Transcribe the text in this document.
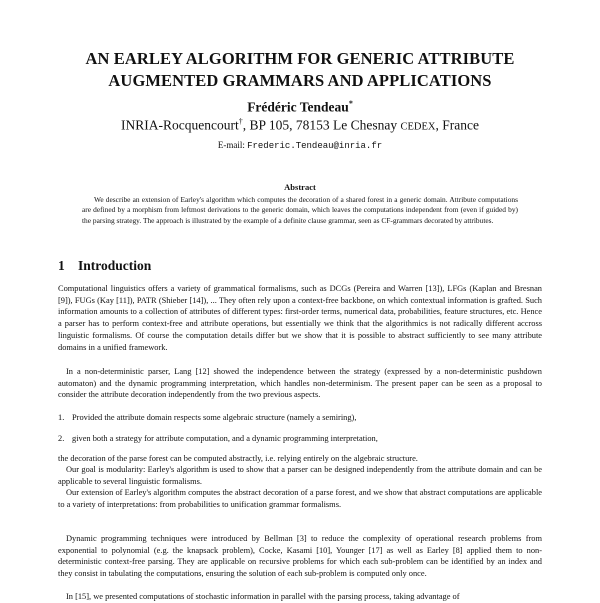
AN EARLEY ALGORITHM FOR GENERIC ATTRIBUTE
AUGMENTED GRAMMARS AND APPLICATIONS
Frédéric Tendeau*
INRIA-Rocquencourt†, BP 105, 78153 Le Chesnay CEDEX, France
E-mail: Frederic.Tendeau@inria.fr
Abstract

We describe an extension of Earley's algorithm which computes the decoration of a shared forest in a generic domain. Attribute computations are defined by a morphism from leftmost derivations to the generic domain, which leaves the computations independent from (even if guided by) the parsing strategy. The approach is illustrated by the example of a definite clause grammar, seen as CF-grammars decorated by attributes.

1 Introduction

Computational linguistics offers a variety of grammatical formalisms, such as DCGs (Pereira and Warren [13]), LFGs (Kaplan and Bresnan [9]), FUGs (Kay [11]), PATR (Shieber [14]), ... They often rely upon a context-free backbone, on which contextual information is grafted. Such information amounts to a collection of attributes of different types: first-order terms, numerical data, probabilities, feature structures, etc. Hence a parser has to perform context-free and attribute operations, but essentially we think that the algorithmics is not radically different accross linguistic formalisms. Of course the computation details differ but we show that it is possible to abstract sufficiently to see many attribute domains in a unified framework.

In a non-deterministic parser, Lang [12] showed the independence between the strategy (expressed by a non-deterministic pushdown automaton) and the dynamic programming interpretation, which handles non-determinism. The present paper can be seen as a proposal to consider the attribute decoration independently from the two previous aspects.

1. Provided the attribute domain respects some algebraic structure (namely a semiring),
2. given both a strategy for attribute computation, and a dynamic programming interpretation,

the decoration of the parse forest can be computed abstractly, i.e. relying entirely on the algebraic structure.

Our goal is modularity: Earley's algorithm is used to show that a parser can be designed independently from the attribute domain and can be applicable to several linguistic formalisms.

Our extension of Earley's algorithm computes the abstract decoration of a parse forest, and we show that abstract computations are applicable to a variety of interpretations: from probabilities to unification grammar formalisms.

Dynamic programming techniques were introduced by Bellman [3] to reduce the complexity of operational research problems from exponential to polynomial (e.g. the knapsack problem), Cocke, Kasami [10], Younger [17] as well as Earley [8] applied them to non-deterministic context-free parsing. They are applicable on recursive problems for which each sub-problem can be identified by an index and they consist in tabulating the computations, ensuring the solution of each sub-problem is computed only once.

In [15], we presented computations of stochastic information in parallel with the parsing process, taking advantage of
